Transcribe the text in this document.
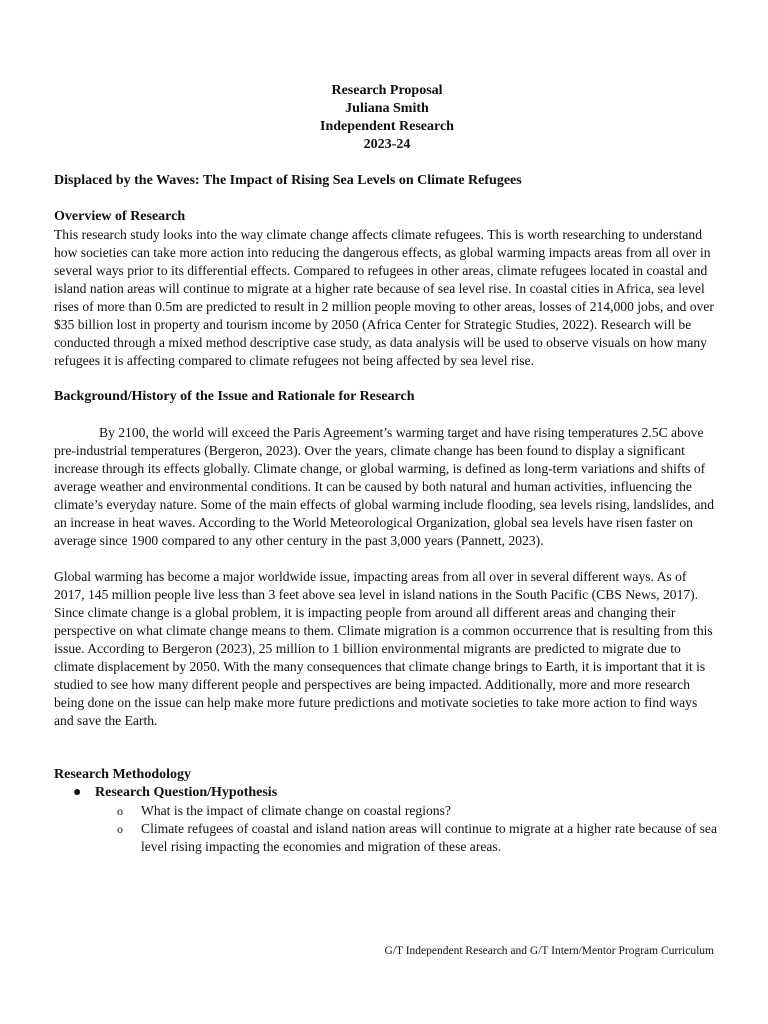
Research Proposal
Juliana Smith
Independent Research
2023-24
Displaced by the Waves: The Impact of Rising Sea Levels on Climate Refugees
Overview of Research

This research study looks into the way climate change affects climate refugees. This is worth researching to understand how societies can take more action into reducing the dangerous effects, as global warming impacts areas from all over in several ways prior to its differential effects. Compared to refugees in other areas, climate refugees located in coastal and island nation areas will continue to migrate at a higher rate because of sea level rise. In coastal cities in Africa, sea level rises of more than 0.5m are predicted to result in 2 million people moving to other areas, losses of 214,000 jobs, and over $35 billion lost in property and tourism income by 2050 (Africa Center for Strategic Studies, 2022). Research will be conducted through a mixed method descriptive case study, as data analysis will be used to observe visuals on how many refugees it is affecting compared to climate refugees not being affected by sea level rise.

Background/History of the Issue and Rationale for Research

By 2100, the world will exceed the Paris Agreement’s warming target and have rising temperatures 2.5C above pre-industrial temperatures (Bergeron, 2023). Over the years, climate change has been found to display a significant increase through its effects globally. Climate change, or global warming, is defined as long-term variations and shifts of average weather and environmental conditions. It can be caused by both natural and human activities, influencing the climate’s everyday nature. Some of the main effects of global warming include flooding, sea levels rising, landslides, and an increase in heat waves. According to the World Meteorological Organization, global sea levels have risen faster on average since 1900 compared to any other century in the past 3,000 years (Pannett, 2023).

Global warming has become a major worldwide issue, impacting areas from all over in several different ways. As of 2017, 145 million people live less than 3 feet above sea level in island nations in the South Pacific (CBS News, 2017). Since climate change is a global problem, it is impacting people from around all different areas and changing their perspective on what climate change means to them. Climate migration is a common occurrence that is resulting from this issue. According to Bergeron (2023), 25 million to 1 billion environmental migrants are predicted to migrate due to climate displacement by 2050. With the many consequences that climate change brings to Earth, it is important that it is studied to see how many different people and perspectives are being impacted. Additionally, more and more research being done on the issue can help make more future predictions and motivate societies to take more action to find ways and save the Earth.

Research Methodology
● Research Question/Hypothesis
o What is the impact of climate change on coastal regions?
o Climate refugees of coastal and island nation areas will continue to migrate at a higher rate because of sea level rising impacting the economies and migration of these areas.
G/T Independent Research and G/T Intern/Mentor Program Curriculum
